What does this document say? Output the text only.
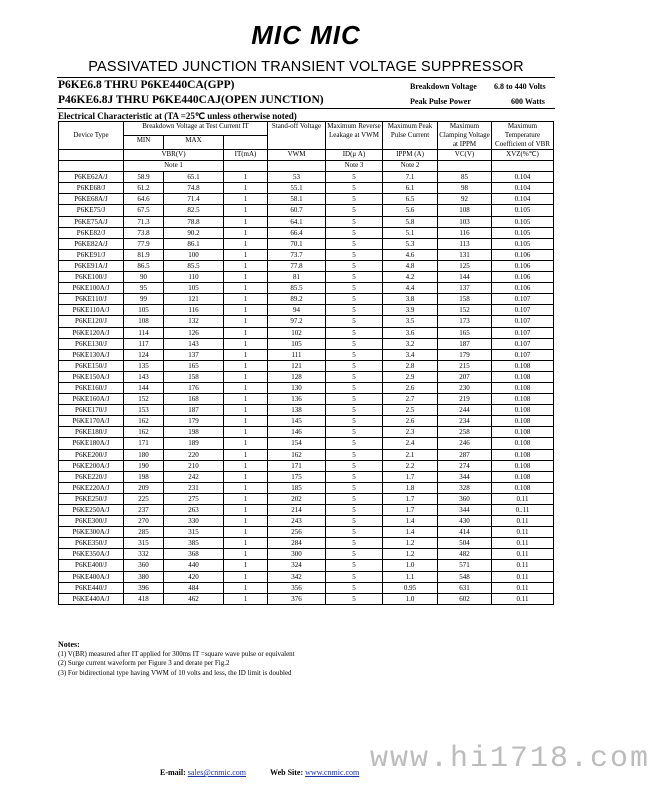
MIC MIC
PASSIVATED JUNCTION TRANSIENT VOLTAGE SUPPRESSOR
P6KE6.8 THRU P6KE440CA(GPP)
P46KE6.8J THRU P6KE440CAJ(OPEN JUNCTION)
Breakdown Voltage 6.8 to 440 Volts
Peak Pulse Power	600 Watts
Electrical Characteristic at (TA =25℃ unless otherwise noted)
Device Type	Breakdown Voltage at Test Current IT			Stand-off Voltage	Maximum Reverse Leakage at VWM	Maximum Peak Pulse Current	Maximum Clamping Voltage at IPPM	Maximum Temperature Coefficient of VBR
	MIN	MAX						
	VBR(V)		IT(mA)	VWM	ID(μ A)	IPPM (A)	VC(V)	XVZ(%℃)
	Note 1				Note 3	Note 2		
P6KE62A/J	58.9	65.1	1	53	5	7.1	85	0.104
P6KE68/J	61.2	74.8	1	55.1	5	6.1	98	0.104
P6KE68A/J	64.6	71.4	1	58.1	5	6.5	92	0.104
P6KE75/J	67.5	82.5	1	60.7	5	5.6	108	0.105
P6KE75A/J	71.3	78.8	1	64.1	5	5.8	103	0.105
P6KE82/J	73.8	90.2	1	66.4	5	5.1	116	0.105
P6KE82A/J	77.9	86.1	1	70.1	5	5.3	113	0.105
P6KE91/J	81.9	100	1	73.7	5	4.6	131	0.106
P6KE91A/J	86.5	85.5	1	77.8	5	4.8	125	0.106
P6KE100/J	90	110	1	81	5	4.2	144	0.106
P6KE100A/J	95	105	1	85.5	5	4.4	137	0.106
P6KE110/J	99	121	1	89.2	5	3.8	158	0.107
P6KE110A/J	105	116	1	94	5	3.9	152	0.107
P6KE120/J	108	132	1	97.2	5	3.5	173	0.107
P6KE120A/J	114	126	1	102	5	3.6	165	0.107
P6KE130/J	117	143	1	105	5	3.2	187	0.107
P6KE130A/J	124	137	1	111	5	3.4	179	0.107
P6KE150/J	135	165	1	121	5	2.8	215	0.108
P6KE150A/J	143	158	1	128	5	2.9	207	0.108
P6KE160/J	144	176	1	130	5	2.6	230	0.108
P6KE160A/J	152	168	1	136	5	2.7	219	0.108
P6KE170/J	153	187	1	138	5	2.5	244	0.108
P6KE170A/J	162	179	1	145	5	2.6	234	0.108
P6KE180/J	162	198	1	146	5	2.3	258	0.108
P6KE180A/J	171	189	1	154	5	2.4	246	0.108
P6KE200/J	180	220	1	162	5	2.1	287	0.108
P6KE200A/J	190	210	1	171	5	2.2	274	0.108
P6KE220/J	198	242	1	175	5	1.7	344	0.108
P6KE220A/J	209	231	1	185	5	1.8	328	0.108
P6KE250/J	225	275	1	202	5	1.7	360	0.11
P6KE250A/J	237	263	1	214	5	1.7	344	0..11
P6KE300/J	270	330	1	243	5	1.4	430	0.11
P6KE300A/J	285	315	1	256	5	1.4	414	0.11
P6KE350/J	315	385	1	284	5	1.2	504	0.11
P6KE350A/J	332	368	1	300	5	1.2	482	0.11
P6KE400/J	360	440	1	324	5	1.0	571	0.11
P6KE400A/J	380	420	1	342	5	1.1	548	0.11
P6KE440/J	396	484	1	356	5	0.95	631	0.11
P6KE440A/J	418	462	1	376	5	1.0	602	0.11
Notes:
(1) V(BR) measured after IT applied for 300ms IT =square wave pulse or equivalent
(2) Surge current waveform per Figure 3 and derate per Fig.2
(3) For bidirectional type having VWM of 10 volts and less, the ID limit is doubled
E-mail: sales@cnmic.com	Web Site: www.cnmic.com www.hi1718.com
